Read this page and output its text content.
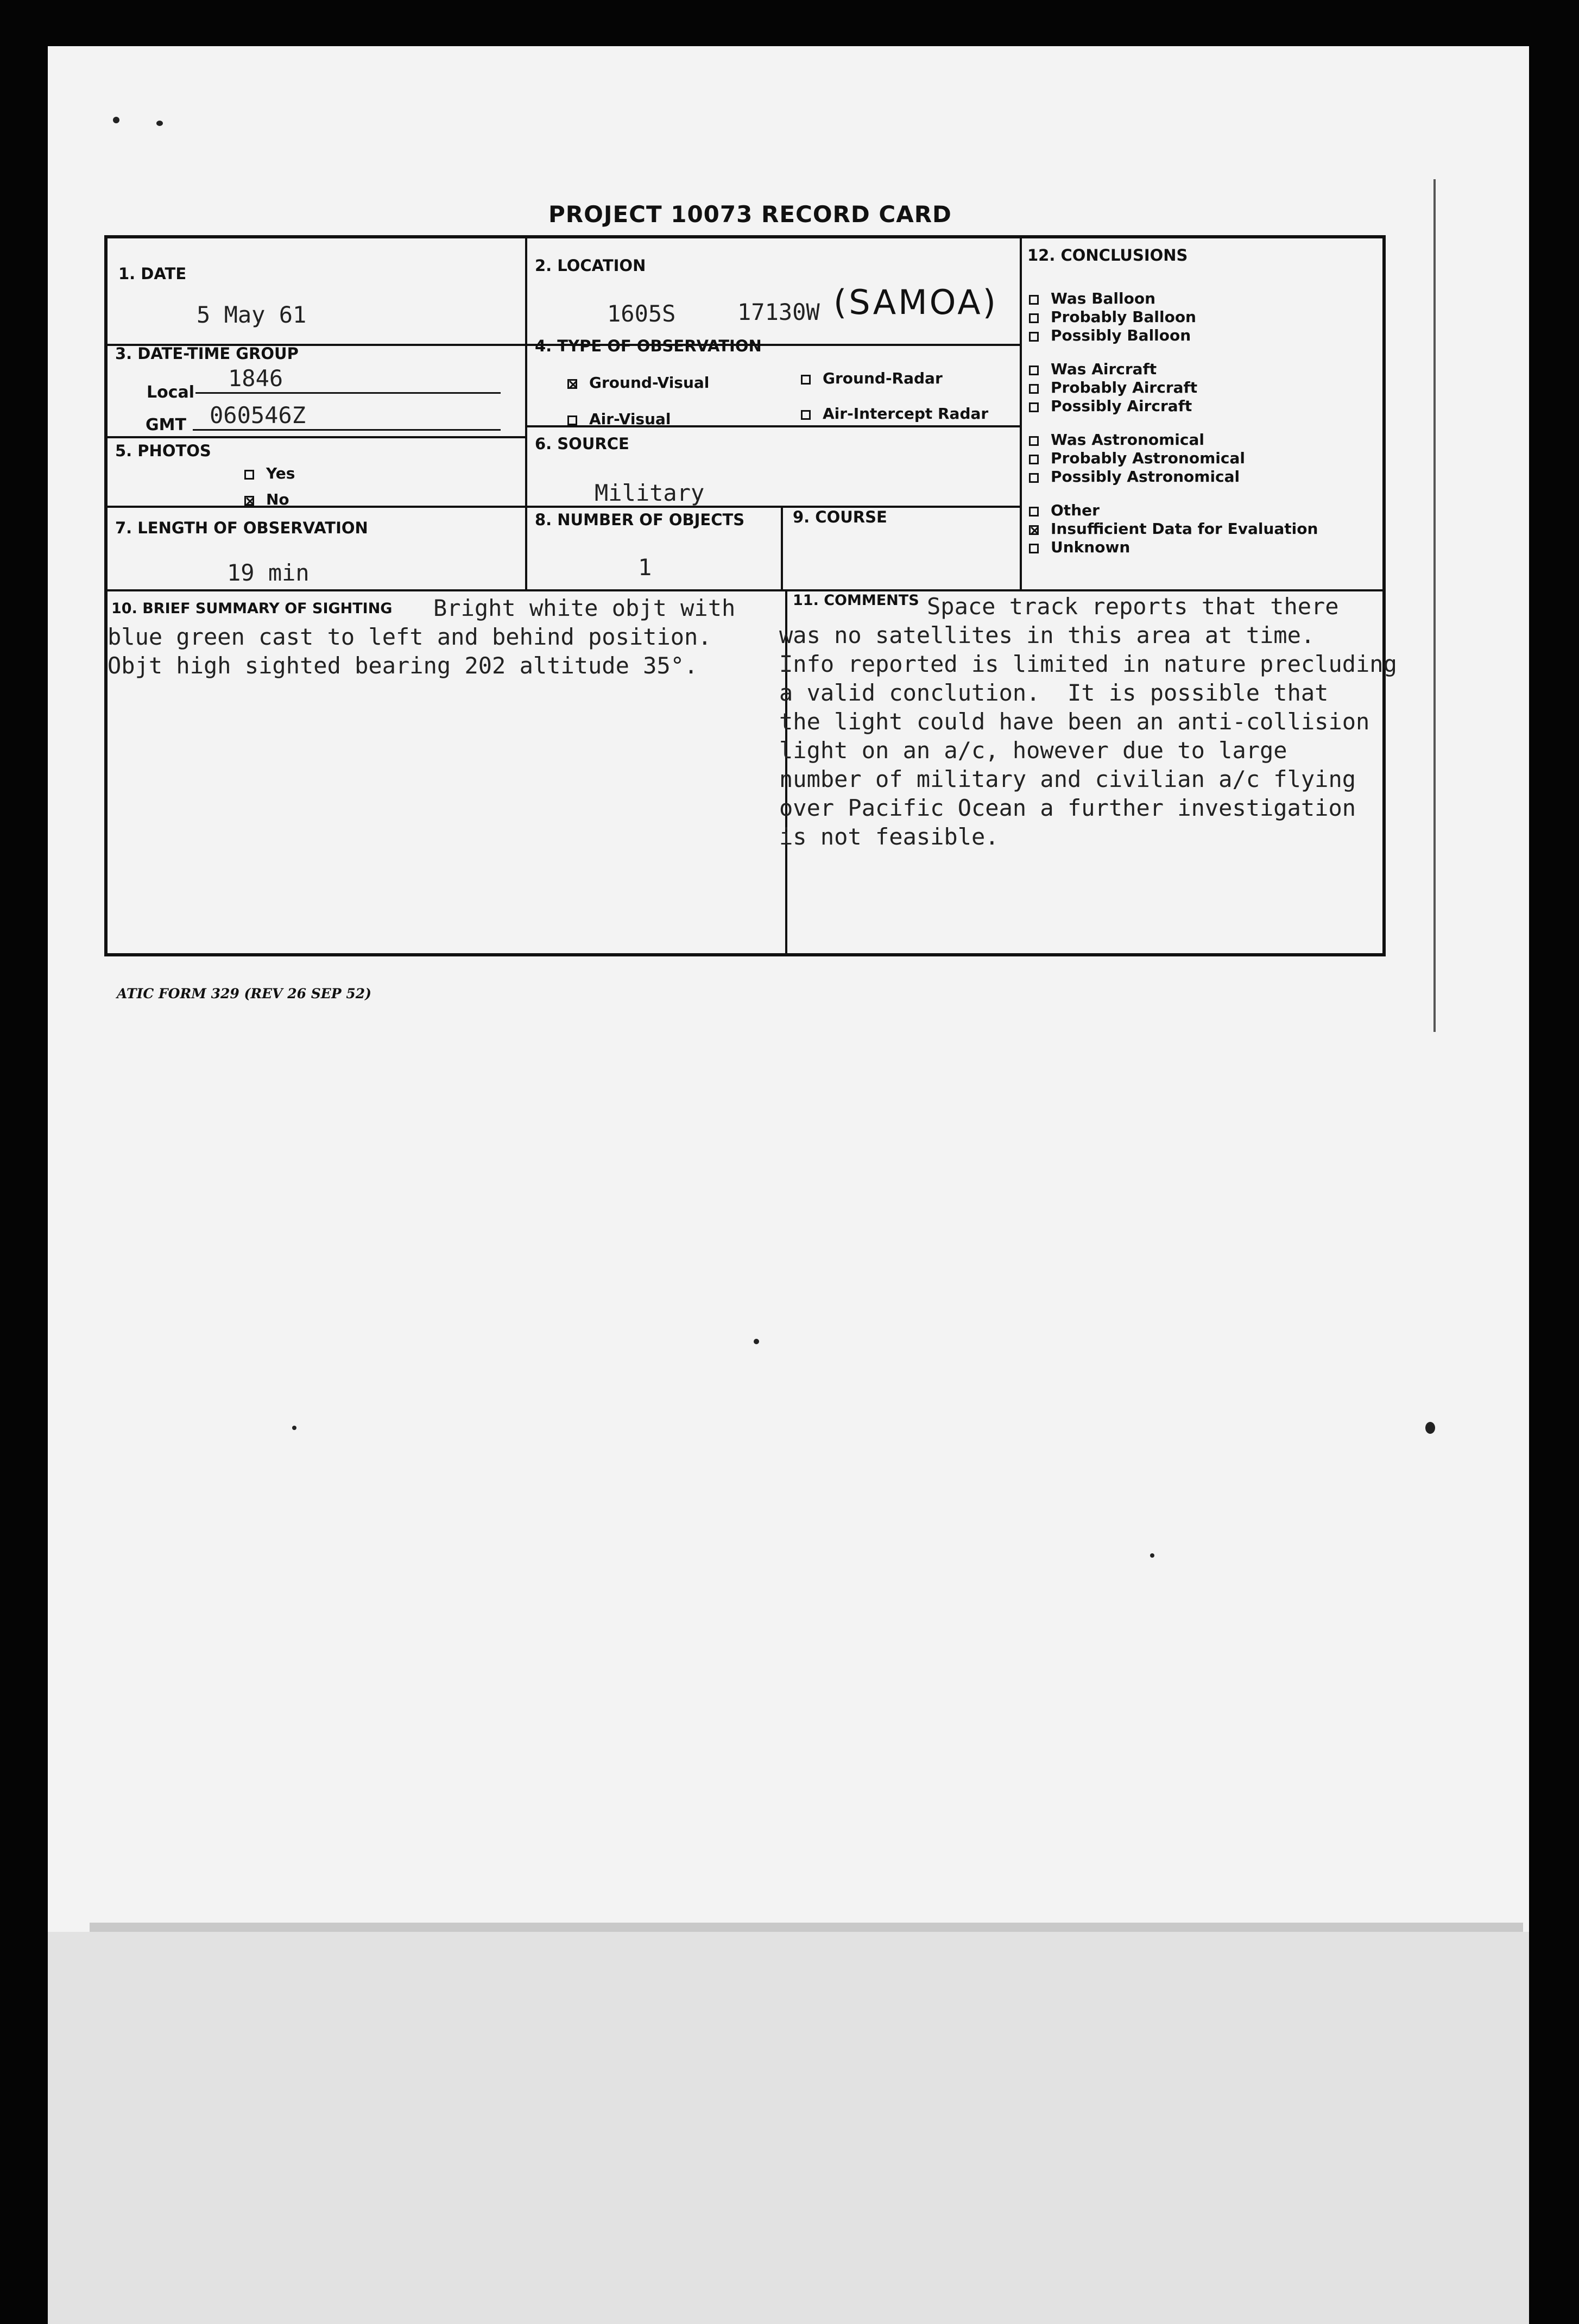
PROJECT 10073 RECORD CARD
1. DATE
5 May 61
2. LOCATION
1605S	17130W (SAMOA)
3. DATE-TIME GROUP
Local
1846
GMT 060546Z
4. TYPE OF OBSERVATION
Ground-Visual	Ground-Radar
Air-Visual	Air-Intercept Radar
5. PHOTOS
Yes
No
6. SOURCE
Military
7. LENGTH OF OBSERVATION
19 min
8. NUMBER OF OBJECTS
1
9. COURSE
10. BRIEF SUMMARY OF SIGHTING Bright white objt with
blue green cast to left and behind position.
Objt high sighted bearing 202 altitude 35°.
11. COMMENTS Space track reports that there
was no satellites in this area at time.
Info reported is limited in nature precluding
a valid conclution.  It is possible that
the light could have been an anti-collision
light on an a/c, however due to large
number of military and civilian a/c flying
over Pacific Ocean a further investigation
is not feasible.
12. CONCLUSIONS
Was Balloon
Probably Balloon
Possibly Balloon
Was Aircraft
Probably Aircraft
Possibly Aircraft
Was Astronomical
Probably Astronomical
Possibly Astronomical
Other
Insufficient Data for Evaluation
Unknown
ATIC FORM 329 (REV 26 SEP 52)
